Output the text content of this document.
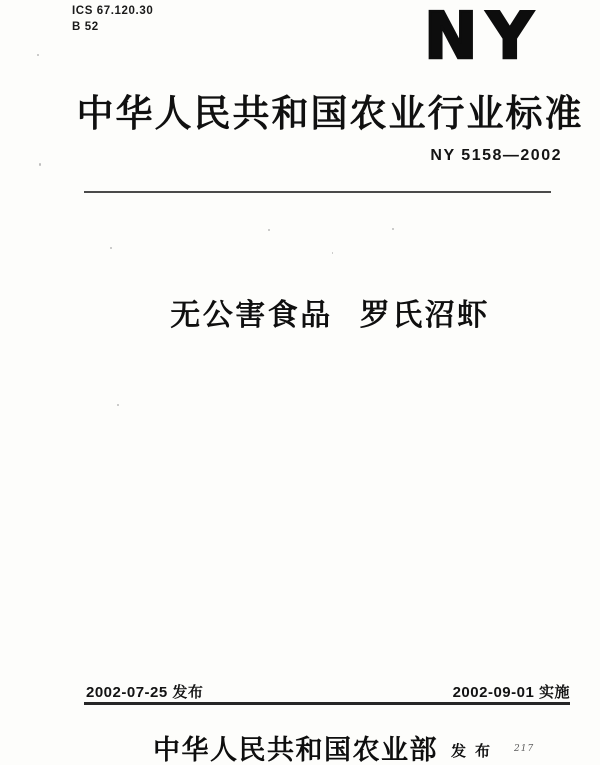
ICS 67.120.30
B 52	NY
中华人民共和国农业行业标准
NY 5158—2002
无公害食品 罗氏沼虾
2002-07-25 发布	2002-09-01 实施
中华人民共和国农业部 发布	217
